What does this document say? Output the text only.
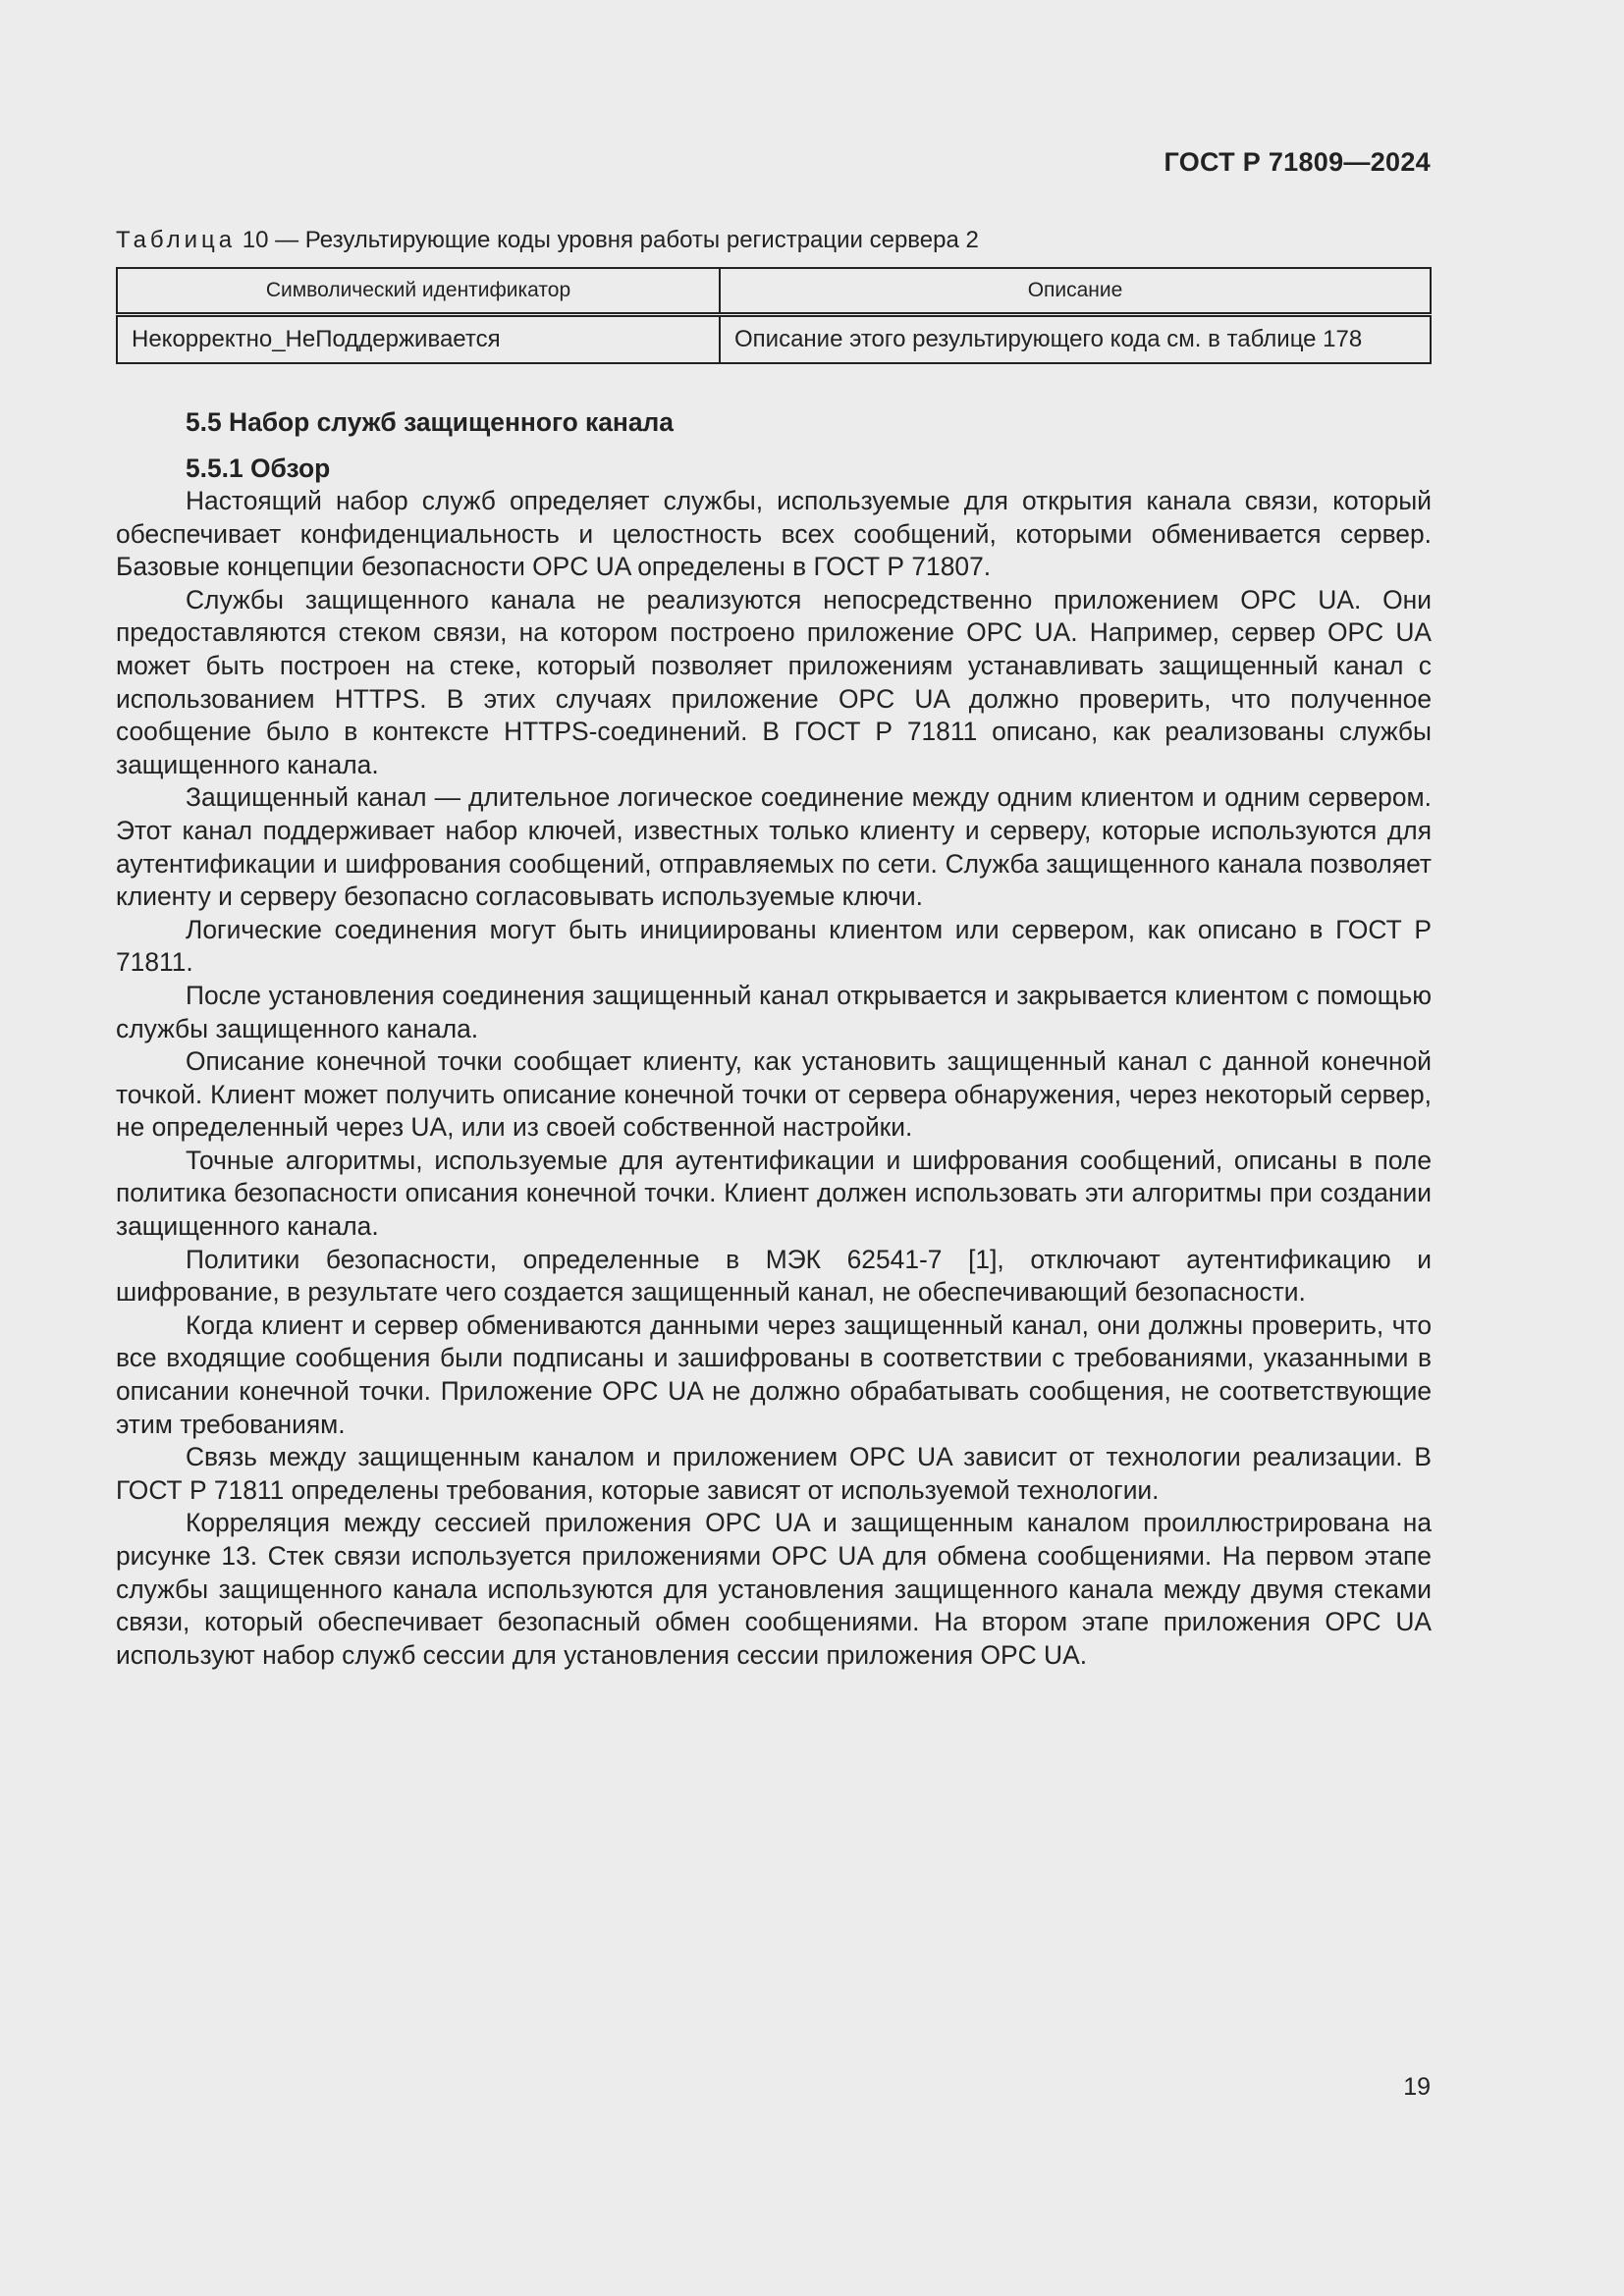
ГОСТ Р 71809—2024

Таблица 10 — Результирующие коды уровня работы регистрации сервера 2

Символический идентификатор	Описание
Некорректно_НеПоддерживается	Описание этого результирующего кода см. в таблице 178
5.5 Набор служб защищенного канала
5.5.1 Обзор

Настоящий набор служб определяет службы, используемые для открытия канала связи, который обеспечивает конфиденциальность и целостность всех сообщений, которыми обменивается сервер. Базовые концепции безопасности OPC UA определены в ГОСТ Р 71807.

Службы защищенного канала не реализуются непосредственно приложением OPC UA. Они предоставляются стеком связи, на котором построено приложение OPC UA. Например, сервер OPC UA может быть построен на стеке, который позволяет приложениям устанавливать защищенный канал с использованием HTTPS. В этих случаях приложение OPC UA должно проверить, что полученное сообщение было в контексте HTTPS-соединений. В ГОСТ Р 71811 описано, как реализованы службы защищенного канала.

Защищенный канал — длительное логическое соединение между одним клиентом и одним сервером. Этот канал поддерживает набор ключей, известных только клиенту и серверу, которые используются для аутентификации и шифрования сообщений, отправляемых по сети. Служба защищенного канала позволяет клиенту и серверу безопасно согласовывать используемые ключи.

Логические соединения могут быть инициированы клиентом или сервером, как описано в ГОСТ Р 71811.

После установления соединения защищенный канал открывается и закрывается клиентом с помощью службы защищенного канала.

Описание конечной точки сообщает клиенту, как установить защищенный канал с данной конечной точкой. Клиент может получить описание конечной точки от сервера обнаружения, через некоторый сервер, не определенный через UA, или из своей собственной настройки.

Точные алгоритмы, используемые для аутентификации и шифрования сообщений, описаны в поле политика безопасности описания конечной точки. Клиент должен использовать эти алгоритмы при создании защищенного канала.

Политики безопасности, определенные в МЭК 62541-7 [1], отключают аутентификацию и шифрование, в результате чего создается защищенный канал, не обеспечивающий безопасности.

Когда клиент и сервер обмениваются данными через защищенный канал, они должны проверить, что все входящие сообщения были подписаны и зашифрованы в соответствии с требованиями, указанными в описании конечной точки. Приложение OPC UA не должно обрабатывать сообщения, не соответствующие этим требованиям.

Связь между защищенным каналом и приложением OPC UA зависит от технологии реализации. В ГОСТ Р 71811 определены требования, которые зависят от используемой технологии.

Корреляция между сессией приложения OPC UA и защищенным каналом проиллюстрирована на рисунке 13. Стек связи используется приложениями OPC UA для обмена сообщениями. На первом этапе службы защищенного канала используются для установления защищенного канала между двумя стеками связи, который обеспечивает безопасный обмен сообщениями. На втором этапе приложения OPC UA используют набор служб сессии для установления сессии приложения OPC UA.

19
